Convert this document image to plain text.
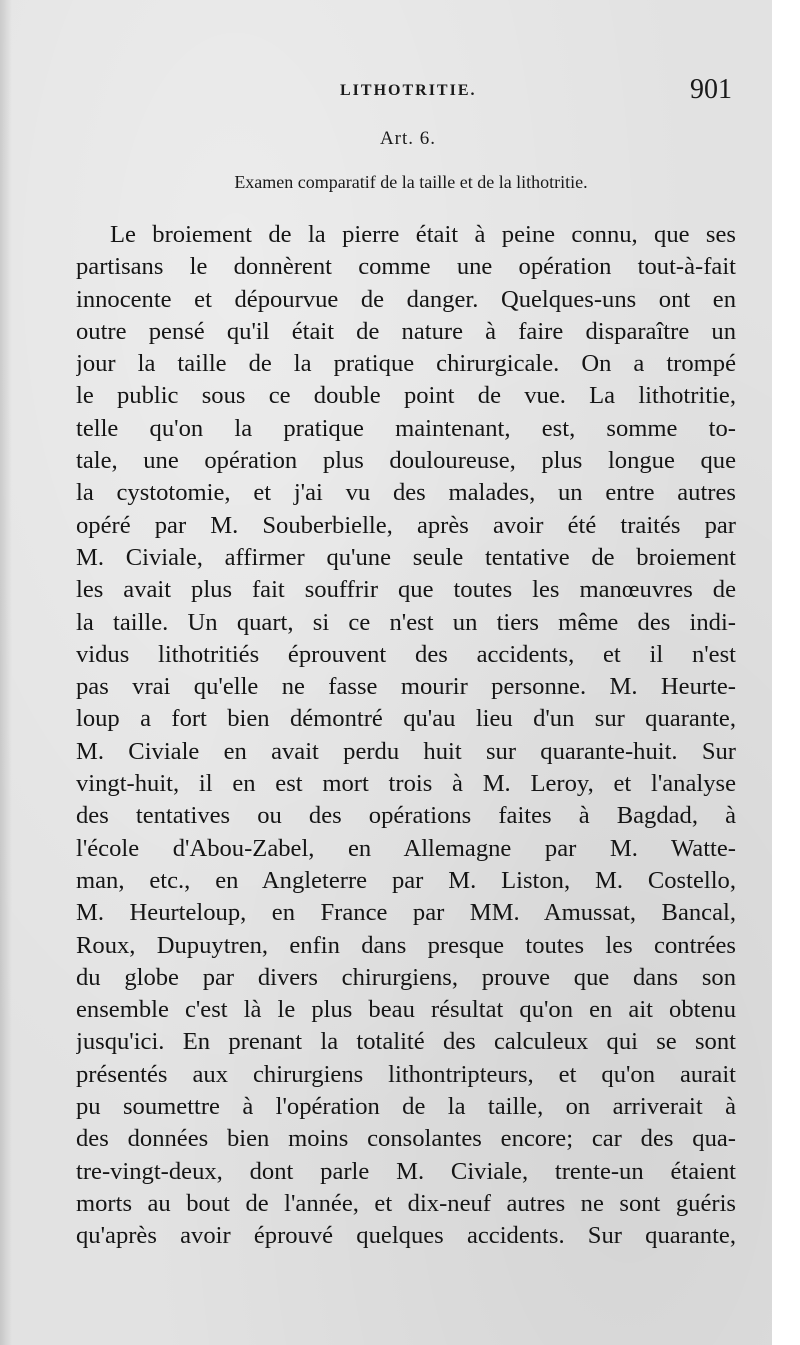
LITHOTRITIE.	901
Art. 6.
Examen comparatif de la taille et de la lithotritie.
Le broiement de la pierre était à peine connu, que ses
partisans le donnèrent comme une opération tout-à-fait
innocente et dépourvue de danger. Quelques-uns ont en
outre pensé qu'il était de nature à faire disparaître un
jour la taille de la pratique chirurgicale. On a trompé
le public sous ce double point de vue. La lithotritie,
telle qu'on la pratique maintenant, est, somme to-
tale, une opération plus douloureuse, plus longue que
la cystotomie, et j'ai vu des malades, un entre autres
opéré par M. Souberbielle, après avoir été traités par
M. Civiale, affirmer qu'une seule tentative de broiement
les avait plus fait souffrir que toutes les manœuvres de
la taille. Un quart, si ce n'est un tiers même des indi-
vidus lithotritiés éprouvent des accidents, et il n'est
pas vrai qu'elle ne fasse mourir personne. M. Heurte-
loup a fort bien démontré qu'au lieu d'un sur quarante,
M. Civiale en avait perdu huit sur quarante-huit. Sur
vingt-huit, il en est mort trois à M. Leroy, et l'analyse
des tentatives ou des opérations faites à Bagdad, à
l'école d'Abou-Zabel, en Allemagne par M. Watte-
man, etc., en Angleterre par M. Liston, M. Costello,
M. Heurteloup, en France par MM. Amussat, Bancal,
Roux, Dupuytren, enfin dans presque toutes les contrées
du globe par divers chirurgiens, prouve que dans son
ensemble c'est là le plus beau résultat qu'on en ait obtenu
jusqu'ici. En prenant la totalité des calculeux qui se sont
présentés aux chirurgiens lithontripteurs, et qu'on aurait
pu soumettre à l'opération de la taille, on arriverait à
des données bien moins consolantes encore; car des qua-
tre-vingt-deux, dont parle M. Civiale, trente-un étaient
morts au bout de l'année, et dix-neuf autres ne sont guéris
qu'après avoir éprouvé quelques accidents. Sur quarante,
